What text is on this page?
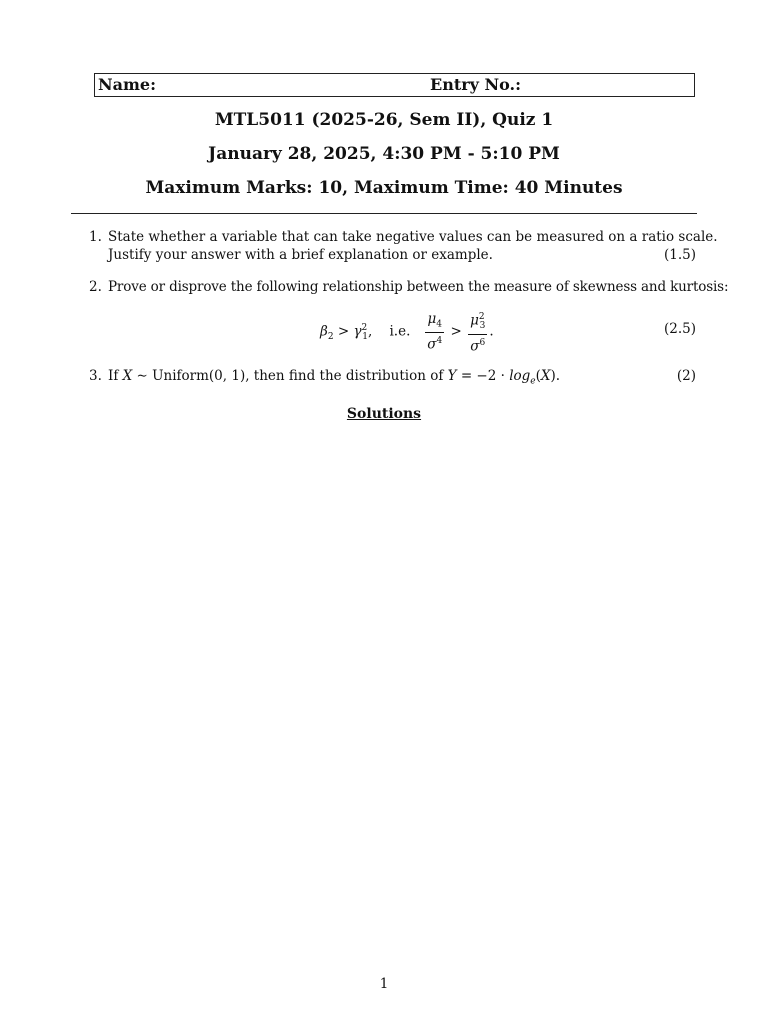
Name:	Entry No.:
MTL5011 (2025-26, Sem II), Quiz 1
January 28, 2025, 4:30 PM - 5:10 PM
Maximum Marks: 10, Maximum Time: 40 Minutes
1. State whether a variable that can take negative values can be measured on a ratio scale.
Justify your answer with a brief explanation or example.	(1.5)
2. Prove or disprove the following relationship between the measure of skewness and kurtosis:
$\beta_2 > \gamma^2_1$, i.e. $\frac{\mu_4}{\sigma^4} > \frac{\mu^2_3}{\sigma^6}$ .	(2.5)
3. If X ∼ Uniform(0, 1), then find the distribution of $Y = -2 \cdot \log_e(X)$.	(2)
Solutions
1
